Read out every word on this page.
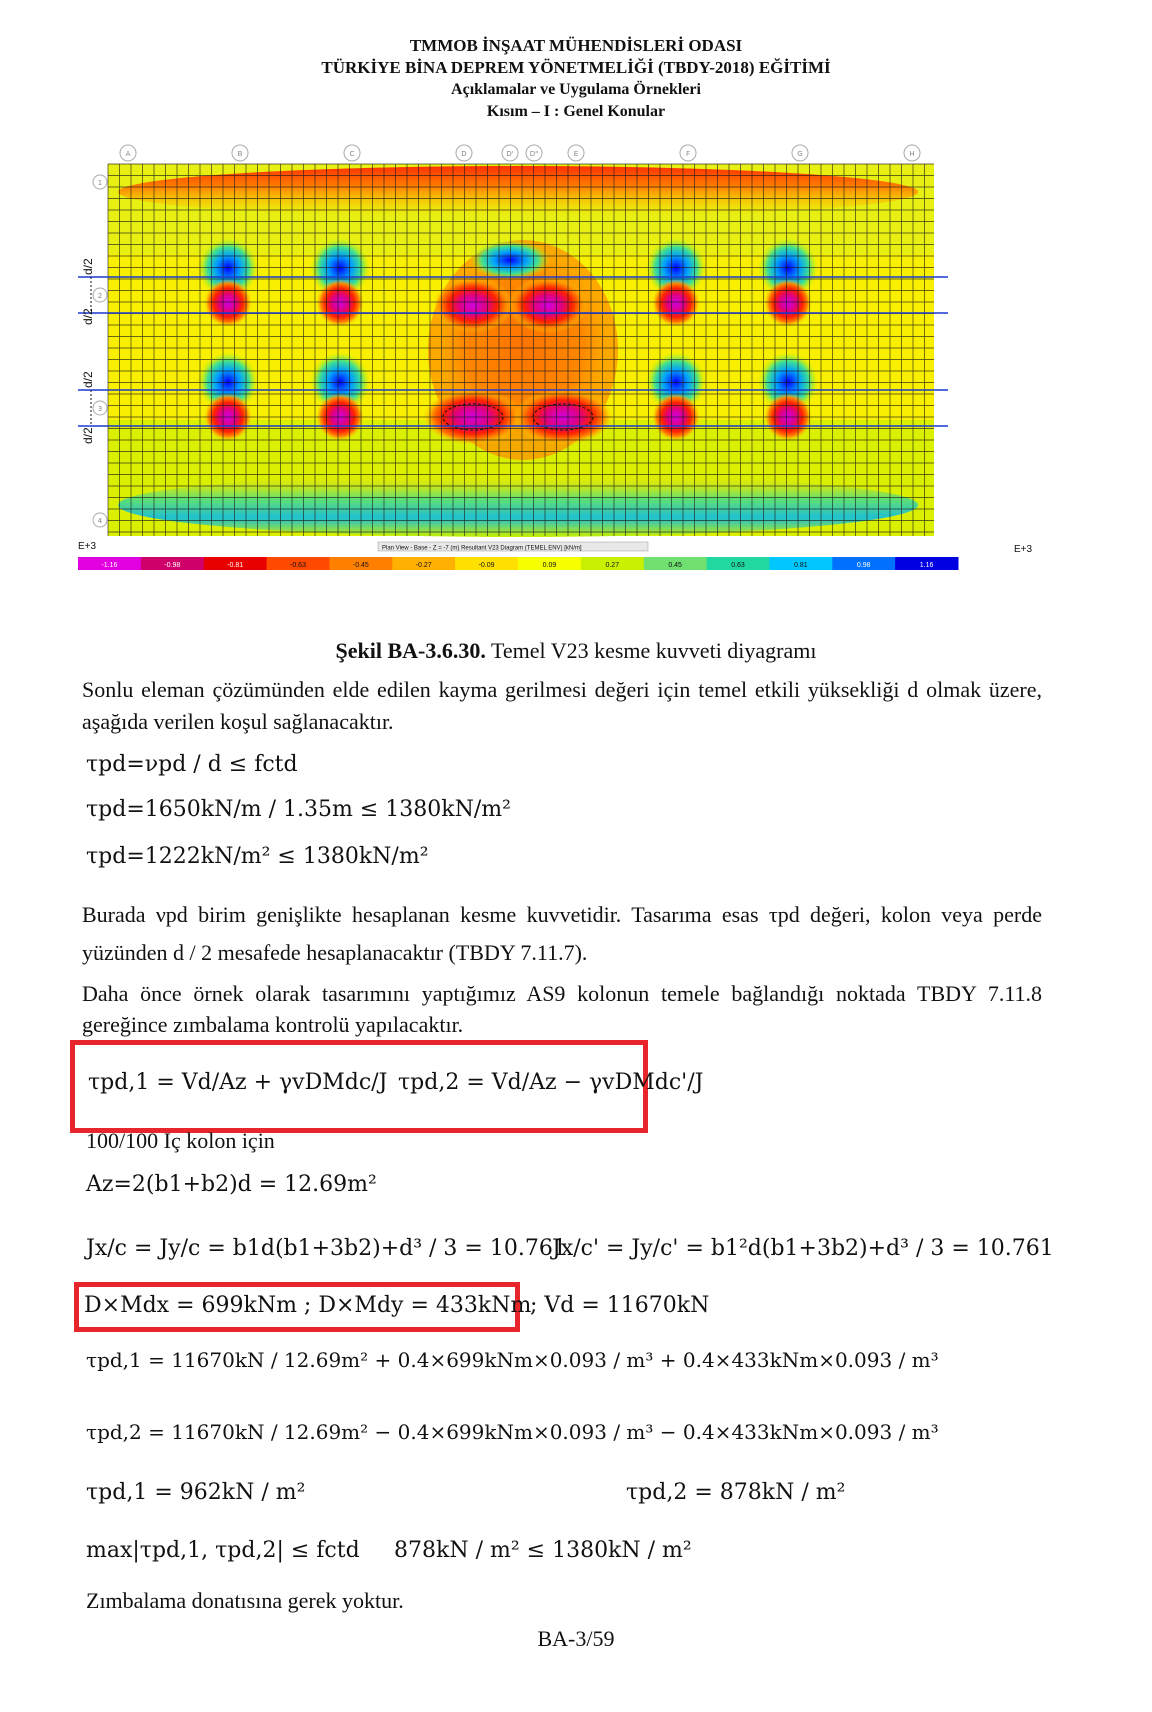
TMMOB İNŞAAT MÜHENDİSLERİ ODASI
TÜRKİYE BİNA DEPREM YÖNETMELİĞİ (TBDY-2018) EĞİTİMİ
Açıklamalar ve Uygulama Örnekleri
Kısım – I : Genel Konular
A	B	C	D	D' D"	E	F	G	H
1
2
3
4
d/2
d/2
d/2
d/2
E+3	E+3
Plan View - Base - Z = -7 (m) Resultant V23 Diagram (TEMEL ENV) [kN/m]
-1.16	-0.98	-0.81	-0.63	-0.45	-0.27	-0.09	0.09	0.27	0.45	0.63	0.81	0.98	1.16
Şekil BA-3.6.30. Temel V23 kesme kuvveti diyagramı
Sonlu eleman çözümünden elde edilen kayma gerilmesi değeri için temel etkili yüksekliği d olmak üzere, aşağıda verilen koşul sağlanacaktır.
τpd=νpd / d ≤ fctd
τpd=1650kN/m / 1.35m ≤ 1380kN/m²
τpd=1222kN/m² ≤ 1380kN/m²
Burada νpd birim genişlikte hesaplanan kesme kuvvetidir. Tasarıma esas τpd değeri, kolon veya perde yüzünden d / 2 mesafede hesaplanacaktır (TBDY 7.11.7).
Daha önce örnek olarak tasarımını yaptığımız AS9 kolonun temele bağlandığı noktada TBDY 7.11.8 gereğince zımbalama kontrolü yapılacaktır.
τpd,1 = Vd/Az + γvDMdc/J τpd,2 = Vd/Az − γvDMdc'/J
100/100 Iç kolon için
Az=2(b1+b2)d = 12.69m²
Jx/c = Jy/c = b1d(b1+3b2)+d³ / 3 = 10.761
Jx/c' = Jy/c' = b1²d(b1+3b2)+d³ / 3 = 10.761
D×Mdx = 699kNm ; D×Mdy = 433kNm
; Vd = 11670kN
τpd,1 = 11670kN / 12.69m² + 0.4×699kNm×0.093 / m³ + 0.4×433kNm×0.093 / m³
τpd,2 = 11670kN / 12.69m² − 0.4×699kNm×0.093 / m³ − 0.4×433kNm×0.093 / m³
τpd,1 = 962kN / m²	τpd,2 = 878kN / m²
max|τpd,1, τpd,2| ≤ fctd 878kN / m² ≤ 1380kN / m²
Zımbalama donatısına gerek yoktur.
BA-3/59
